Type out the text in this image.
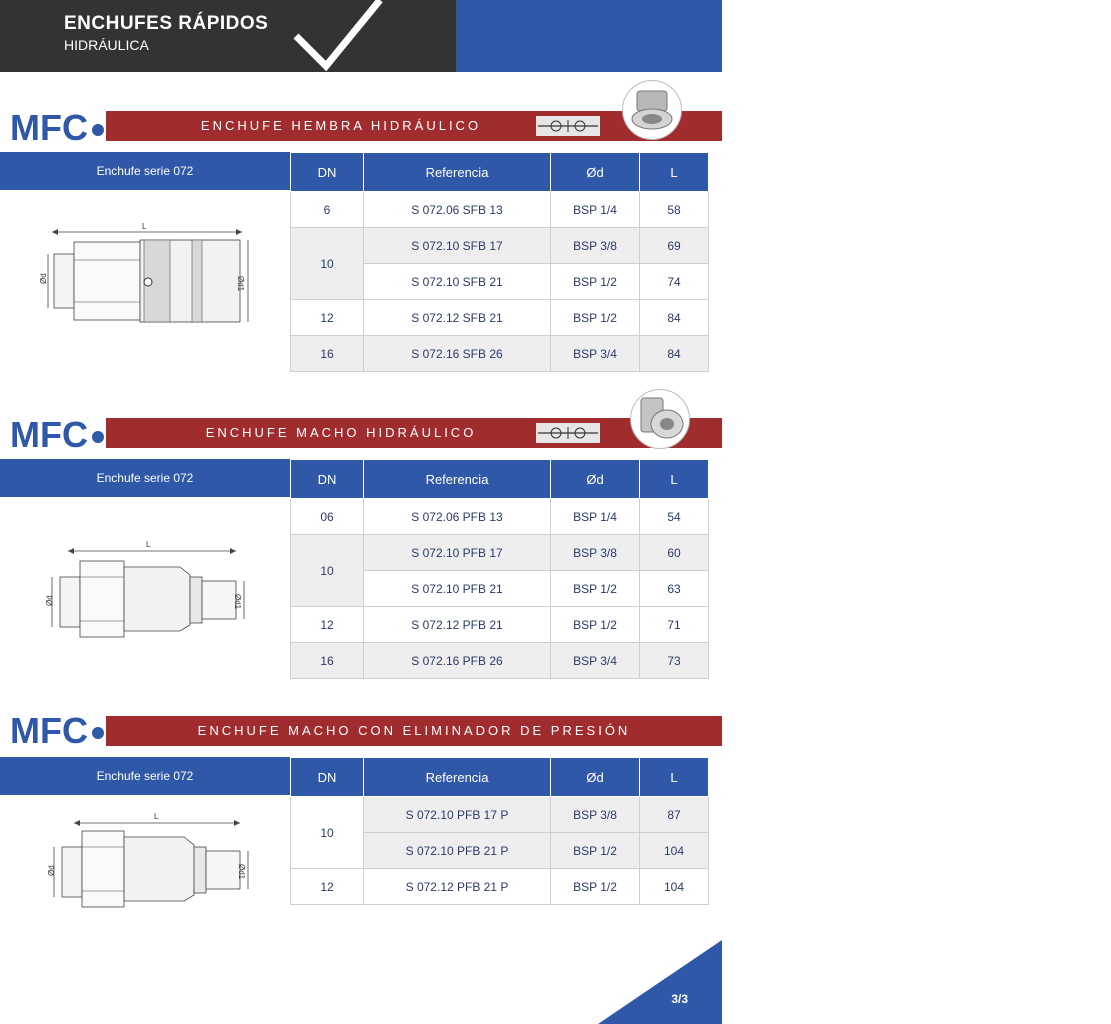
ENCHUFES RÁPIDOS
HIDRÁULICA	MFC
MFC	ENCHUFE HEMBRA HIDRÁULICO
Enchufe serie 072
L
Ød	Ød1
DN	Referencia	Ød	L
6	S 072.06 SFB 13	BSP 1/4	58
10	S 072.10 SFB 17	BSP 3/8	69
	S 072.10 SFB 21	BSP 1/2	74
12	S 072.12 SFB 21	BSP 1/2	84
16	S 072.16 SFB 26	BSP 3/4	84
MFC	ENCHUFE MACHO HIDRÁULICO
Enchufe serie 072
L
Ød	Ød1
DN	Referencia	Ød	L
06	S 072.06 PFB 13	BSP 1/4	54
10	S 072.10 PFB 17	BSP 3/8	60
	S 072.10 PFB 21	BSP 1/2	63
12	S 072.12 PFB 21	BSP 1/2	71
16	S 072.16 PFB 26	BSP 3/4	73
MFC	ENCHUFE MACHO CON ELIMINADOR DE PRESIÓN
Enchufe serie 072
L
Ød	Ød1
DN	Referencia	Ød	L
10	S 072.10 PFB 17 P	BSP 3/8	87
	S 072.10 PFB 21 P	BSP 1/2	104
12	S 072.12 PFB 21 P	BSP 1/2	104
3/3
